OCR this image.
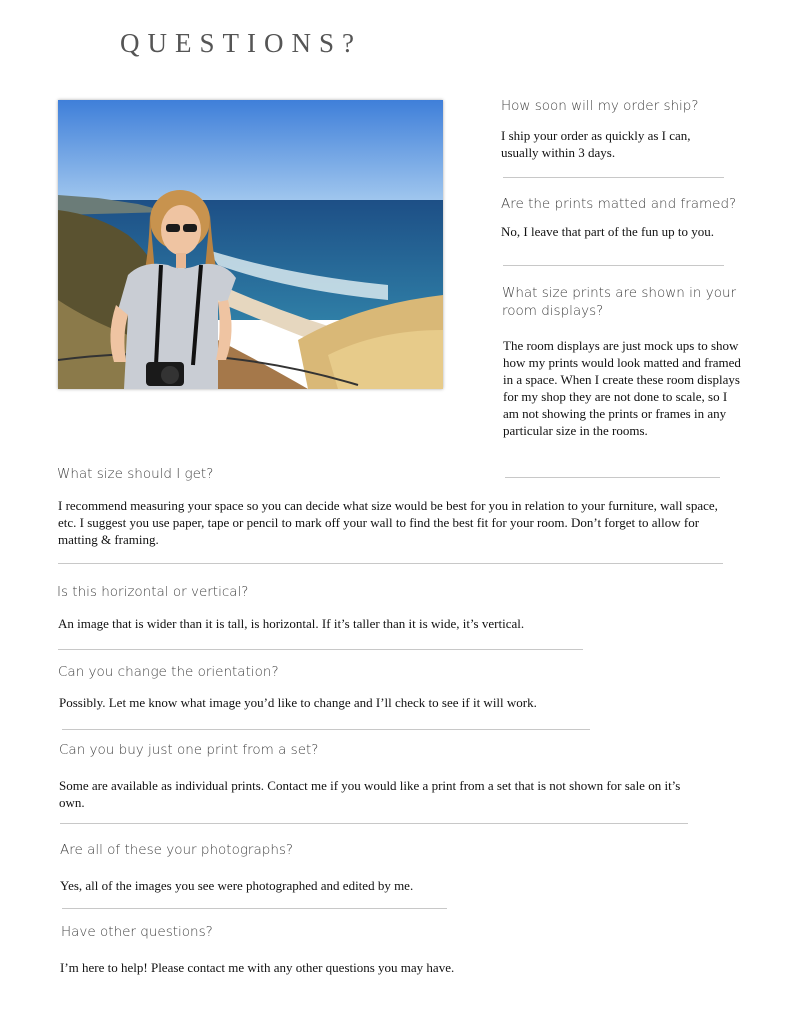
QUESTIONS?
How soon will my order ship?
I ship your order as quickly as I can, usually within 3 days.
Are the prints matted and framed?
No, I leave that part of the fun up to you.
What size prints are shown in your room displays?
The room displays are just mock ups to show how my prints would look matted and framed in a space. When I create these room displays for my shop they are not done to scale, so I am not showing the prints or frames in any particular size in the rooms.
What size should I get?
I recommend measuring your space so you can decide what size would be best for you in relation to your furniture, wall space, etc. I suggest you use paper, tape or pencil to mark off your wall to find the best fit for your room. Don’t forget to allow for matting & framing.
Is this horizontal or vertical?
An image that is wider than it is tall, is horizontal. If it’s taller than it is wide, it’s vertical.
Can you change the orientation?
Possibly. Let me know what image you’d like to change and I’ll check to see if it will work.
Can you buy just one print from a set?
Some are available as individual prints. Contact me if you would like a print from a set that is not shown for sale on it’s own.
Are all of these your photographs?
Yes, all of the images you see were photographed and edited by me.
Have other questions?
I’m here to help! Please contact me with any other questions you may have.
